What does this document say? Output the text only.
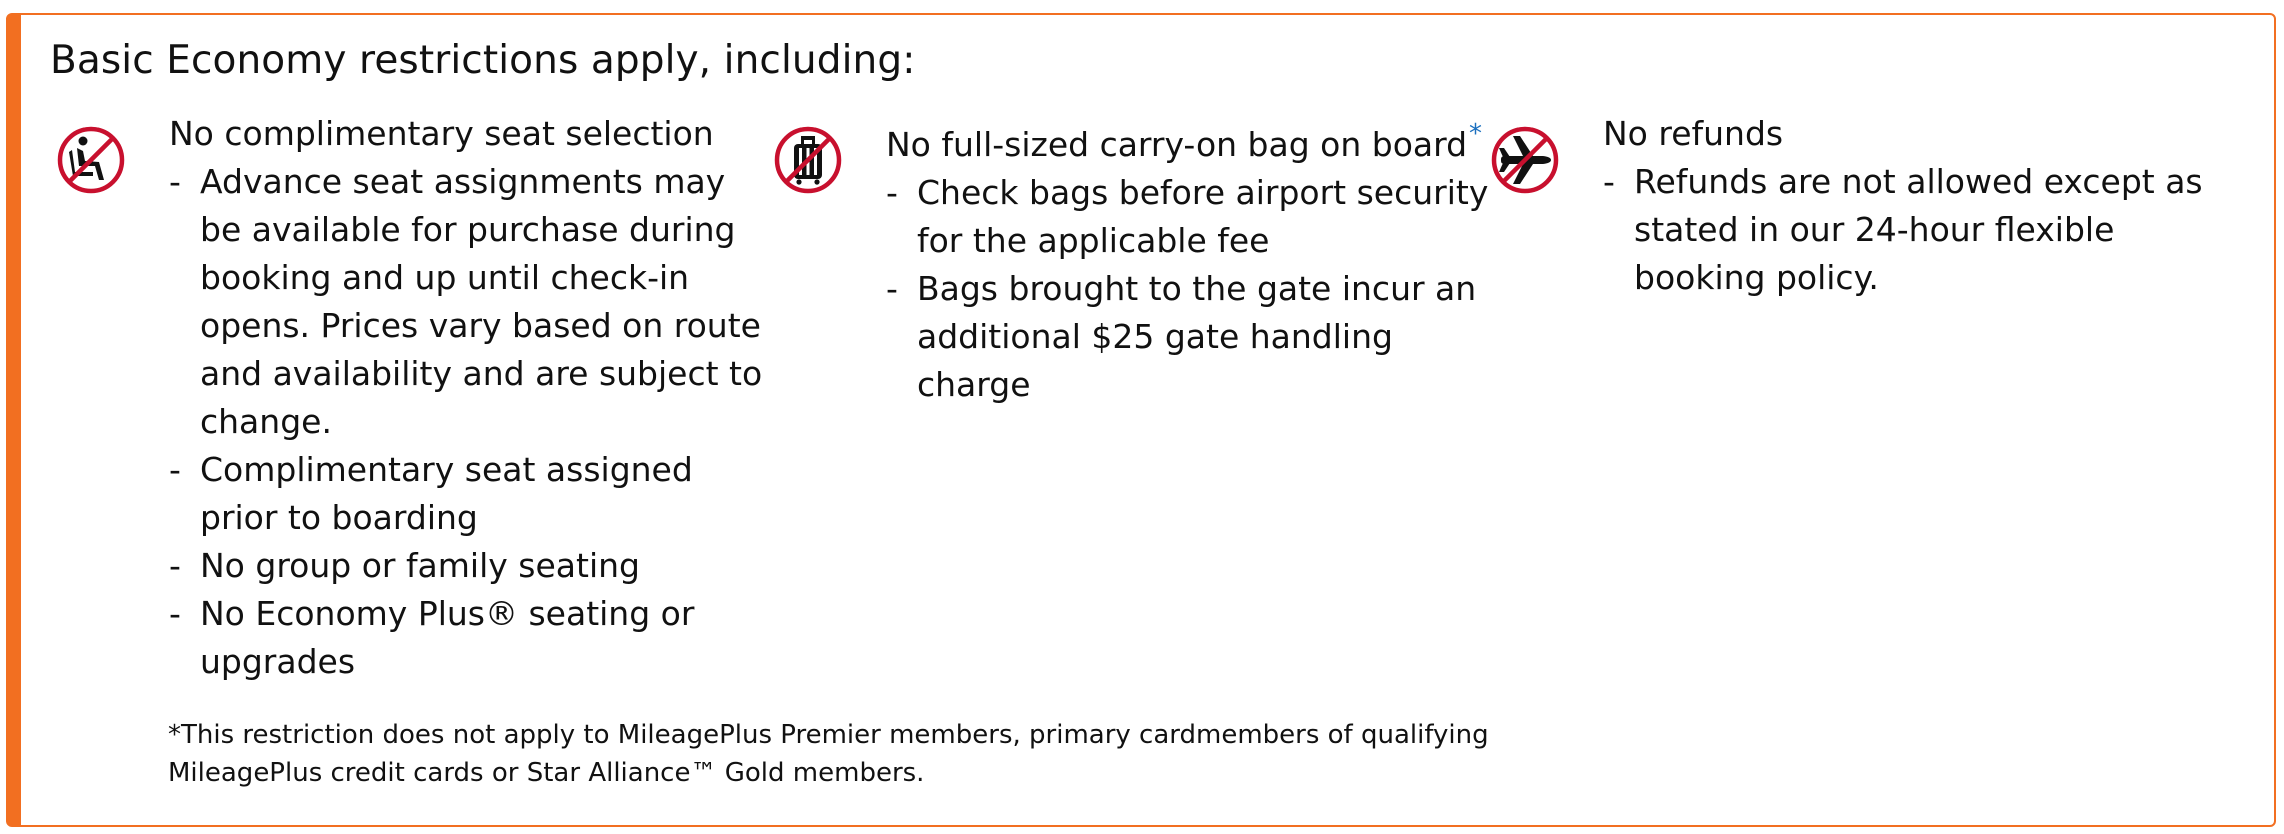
Basic Economy restrictions apply, including:
No complimentary seat selection
- Advance seat assignments may be available for purchase during booking and up until check-in opens. Prices vary based on route and availability and are subject to change.
- Complimentary seat assigned prior to boarding
- No group or family seating
- No Economy Plus® seating or upgrades
No full-sized carry-on bag on board*
- Check bags before airport security for the applicable fee
- Bags brought to the gate incur an additional $25 gate handling charge
No refunds
- Refunds are not allowed except as stated in our 24-hour flexible booking policy.
*This restriction does not apply to MileagePlus Premier members, primary cardmembers of qualifying MileagePlus credit cards or Star Alliance™ Gold members.
